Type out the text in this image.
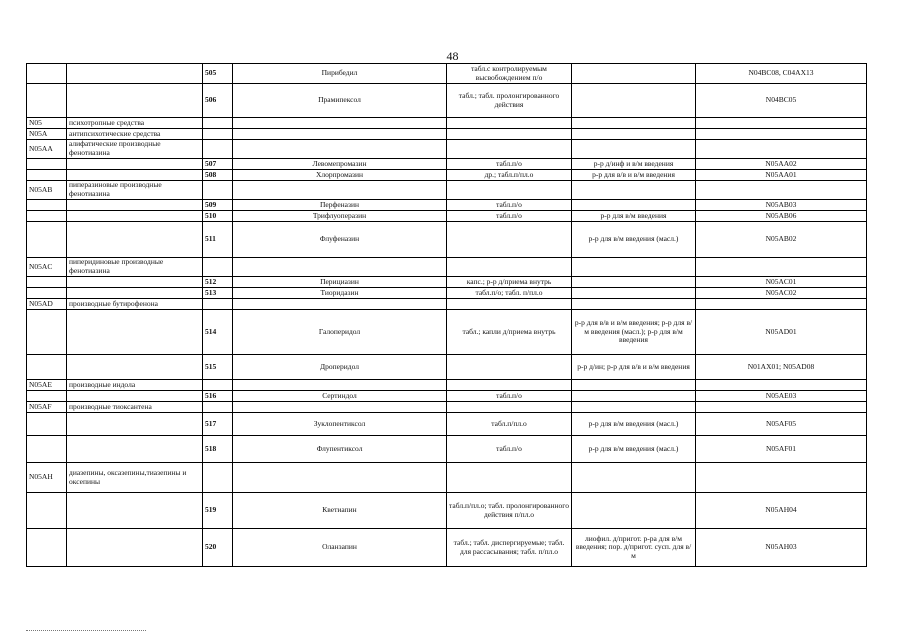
48
		505	Пирибедил	табл.с контролируемым высвобождением п/о		N04BC08, C04AX13
		506	Прамипексол	табл.; табл. пролонгированного действия		N04BC05
N05	психотропные средства					
N05A	антипсихотические средства					
N05AA	алифатические производные фенотиазина					
		507	Левомепромазин	табл.п/о	р-р д/инф и в/м введения	N05AA02
		508	Хлорпромазин	др.; табл.п/пл.о	р-р для в/в и в/м введения	N05AA01
N05AB	пиперазиновые производные фенотиазина					
		509	Перфеназин	табл.п/о		N05AB03
		510	Трифлуоперазин	табл.п/о	р-р для в/м введения	N05AB06
		511	Флуфеназин		р-р для в/м введения (масл.)	N05AB02
N05AC	пиперидиновые производные фенотиазина					
		512	Перициазин	капс.; р-р д/приема внутрь		N05AC01
		513	Тиоридазин	табл.п/о; табл. п/пл.о		N05AC02
N05AD	производные бутирофенона					
		514	Галоперидол	табл.; капли д/приема внутрь	р-р для в/в и в/м введения; р-р для в/м введения (масл.); р-р для в/м введения	N05AD01
		515	Дроперидол		р-р д/ин; р-р для в/в и в/м введения	N01AX01; N05AD08
N05AE	производные индола					
		516	Сертиндол	табл.п/о		N05AE03
N05AF	производные тиоксантена					
		517	Зуклопентиксол	табл.п/пл.о	р-р для в/м введения (масл.)	N05AF05
		518	Флупентиксол	табл.п/о	р-р для в/м введения (масл.)	N05AF01
N05AH	диазепины, оксазепины,тиазепины и оксепины					
		519	Кветиапин	табл.п/пл.о; табл. пролонгированного действия п/пл.о		N05AH04
		520	Оланзапин	табл.; табл. диспергируемые; табл. для рассасывания; табл. п/пл.о	лиофил. д/пригот. р-ра для в/м введения; пор. д/пригот. сусп. для в/м	N05AH03
